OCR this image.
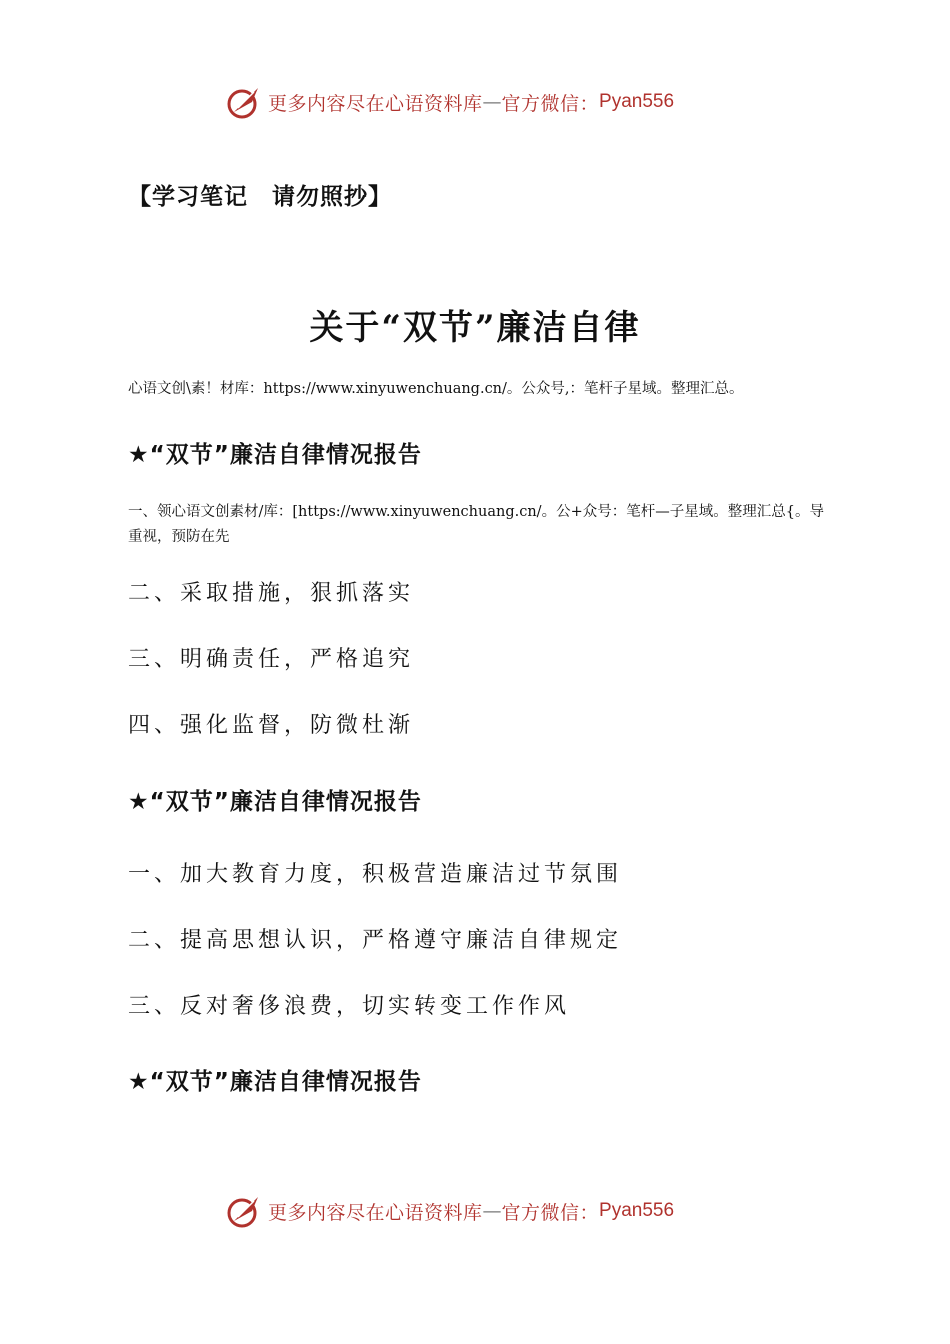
更多内容尽在心语资料库 — 官方微信： Pyan556
【学习笔记　请勿照抄】
关于“双节”廉洁自律
心语文创\素！材库：https://www.xinyuwenchuang.cn/。公众号,：笔杆子星域。整理汇总。
★“双节”廉洁自律情况报告
一、领心语文创素材/库：[https://www.xinyuwenchuang.cn/。公+众号：笔杆—子星域。整理汇总{。导重视，预防在先
二、采取措施，狠抓落实
三、明确责任，严格追究
四、强化监督，防微杜渐
★“双节”廉洁自律情况报告
一、加大教育力度，积极营造廉洁过节氛围
二、提高思想认识，严格遵守廉洁自律规定
三、反对奢侈浪费，切实转变工作作风
★“双节”廉洁自律情况报告
更多内容尽在心语资料库 — 官方微信： Pyan556
